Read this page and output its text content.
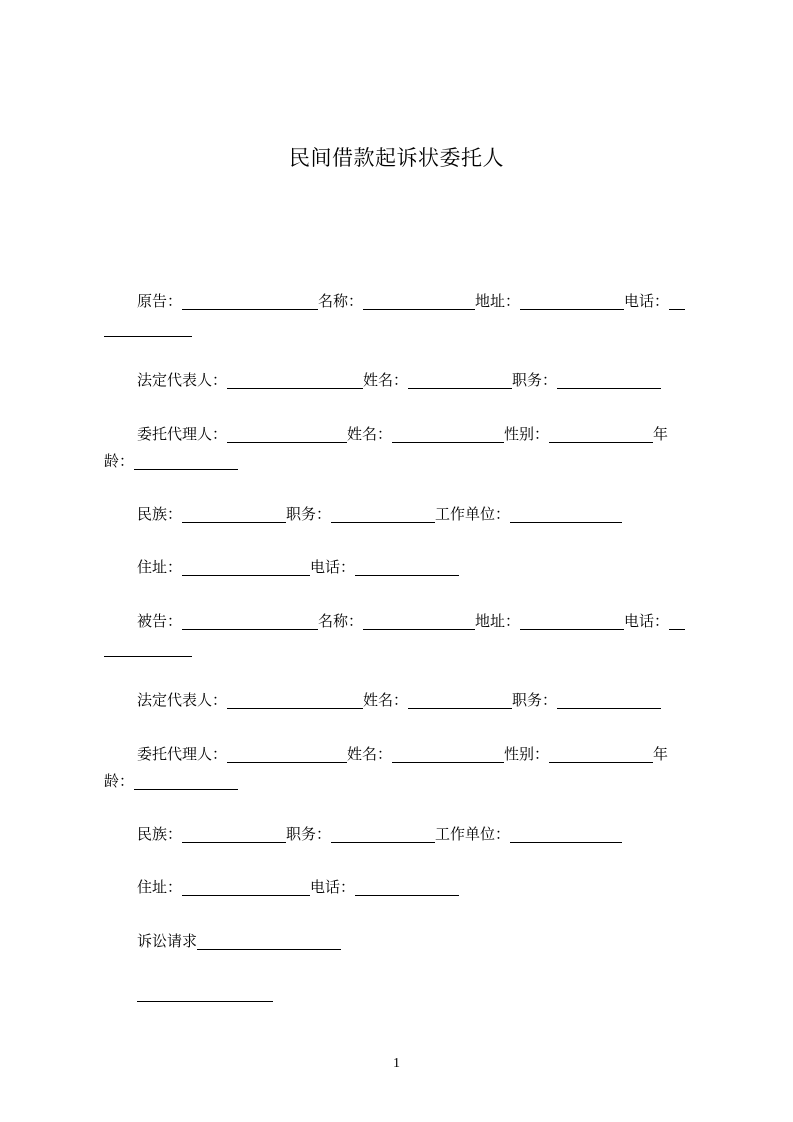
民间借款起诉状委托人
原告：	名称：	地址：	电话：
法定代表人：	姓名：	职务：
委托代理人：	姓名：	性别：	年
龄：
民族：	职务：	工作单位：
住址：	电话：
被告：	名称：	地址：	电话：
法定代表人：	姓名：	职务：
委托代理人：	姓名：	性别：	年
龄：
民族：	职务：	工作单位：
住址：	电话：
诉讼请求
1
